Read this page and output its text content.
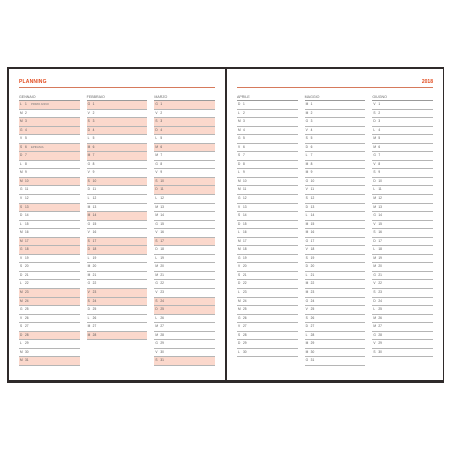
PLANNING
GENNAIO
L 1 PRIMO ANNO
M 2
M 3
G 4
V 5
S 6 EPIFANIA
D 7
L 8
M 9
M 10
G 11
V 12
S 13
D 14
L 15
M 16
M 17
G 18
V 19
S 20
D 21
L 22
M 23
M 24
G 25
V 26
S 27
D 28
L 29
M 30
M 31
FEBBRAIO
G 1
V 2
S 3
D 4
L 5
M 6
M 7
G 8
V 9
S 10
D 11
L 12
M 13
M 14
G 15
V 16
S 17
D 18
L 19
M 20
M 21
G 22
V 23
S 24
D 25
L 26
M 27
M 28
MARZO
G 1
V 2
S 3
D 4
L 5
M 6
M 7
G 8
V 9
S 10
D 11
L 12
M 13
M 14
G 15
V 16
S 17
D 18
L 19
M 20
M 21
G 22
V 23
S 24
D 25
L 26
M 27
M 28
G 29
V 30
S 31
2018
APRILE
D 1
L 2
M 3
M 4
G 5
V 6
S 7
D 8
L 9
M 10
M 11
G 12
V 13
S 14
D 15
L 16
M 17
M 18
G 19
V 20
S 21
D 22
L 23
M 24
M 25
G 26
V 27
S 28
D 29
L 30
MAGGIO
M 1
M 2
G 3
V 4
S 5
D 6
L 7
M 8
M 9
G 10
V 11
S 12
D 13
L 14
M 15
M 16
G 17
V 18
S 19
D 20
L 21
M 22
M 23
G 24
V 25
S 26
D 27
L 28
M 29
M 30
G 31
GIUGNO
V 1
S 2
D 3
L 4
M 5
M 6
G 7
V 8
S 9
D 10
L 11
M 12
M 13
G 14
V 15
S 16
D 17
L 18
M 19
M 20
G 21
V 22
S 23
D 24
L 25
M 26
M 27
G 28
V 29
S 30
